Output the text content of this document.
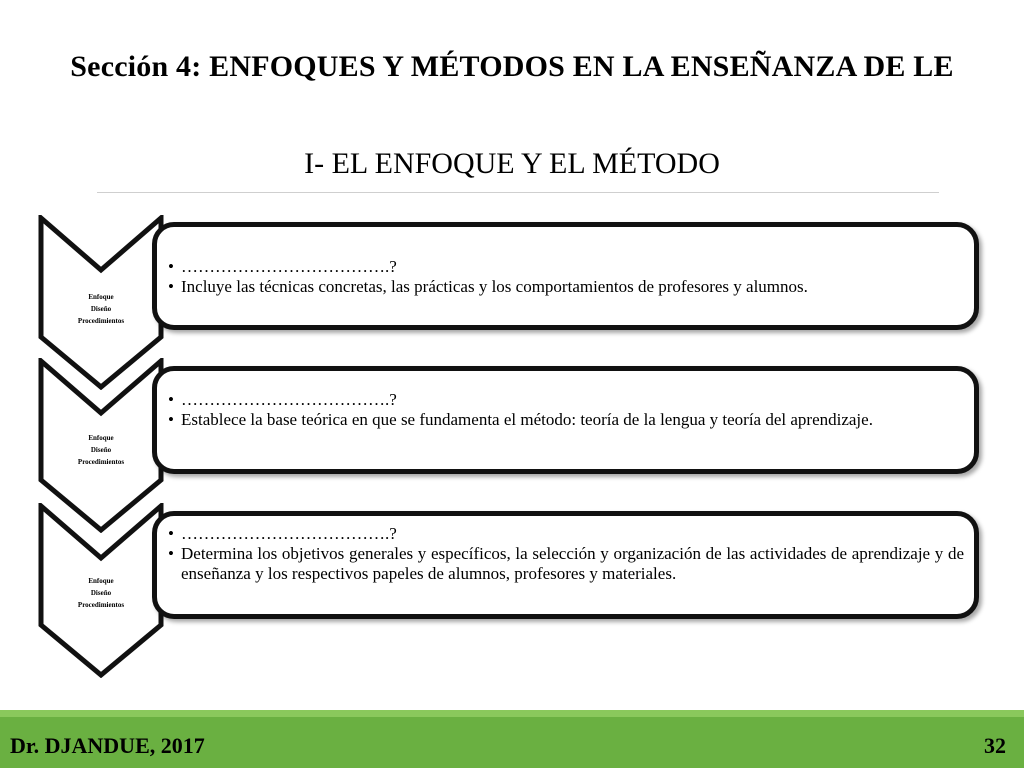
Sección 4: ENFOQUES Y MÉTODOS EN LA ENSEÑANZA DE LE
I- EL ENFOQUE Y EL MÉTODO
Enfoque
Diseño
Procedimientos
• ……………………………….?
• Incluye las técnicas concretas, las prácticas y los comportamientos de profesores y alumnos.
Enfoque
Diseño
Procedimientos
• ……………………………….?
• Establece la base teórica en que se fundamenta el método: teoría de la lengua y teoría del aprendizaje.
Enfoque
Diseño
Procedimientos
• ……………………………….?
• Determina los objetivos generales y específicos, la selección y organización de las actividades de aprendizaje y de enseñanza y los respectivos papeles de alumnos, profesores y materiales.
Dr. DJANDUE, 2017	32
